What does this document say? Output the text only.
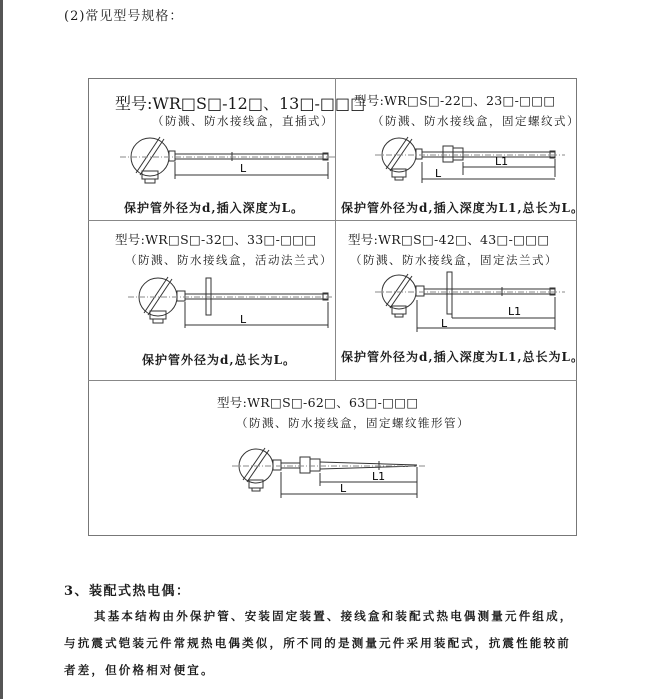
(2)常见型号规格：
型号:WR□S□-12□、13□-□□□
（防溅、防水接线盒，直插式）
L
保护管外径为d,插入深度为L。
型号:WR□S□-22□、23□-□□□
（防溅、防水接线盒，固定螺纹式）
L1
L
保护管外径为d,插入深度为L1,总长为L。
型号:WR□S□-32□、33□-□□□
（防溅、防水接线盒，活动法兰式）
L
保护管外径为d,总长为L。
型号:WR□S□-42□、43□-□□□
（防溅、防水接线盒，固定法兰式）
L1
L
保护管外径为d,插入深度为L1,总长为L。
型号:WR□S□-62□、63□-□□□
（防溅、防水接线盒，固定螺纹锥形管）
L1
L
3、装配式热电偶：
其基本结构由外保护管、安装固定装置、接线盒和装配式热电偶测量元件组成，与抗震式铠装元件常规热电偶类似，所不同的是测量元件采用装配式，抗震性能较前者差，但价格相对便宜。
